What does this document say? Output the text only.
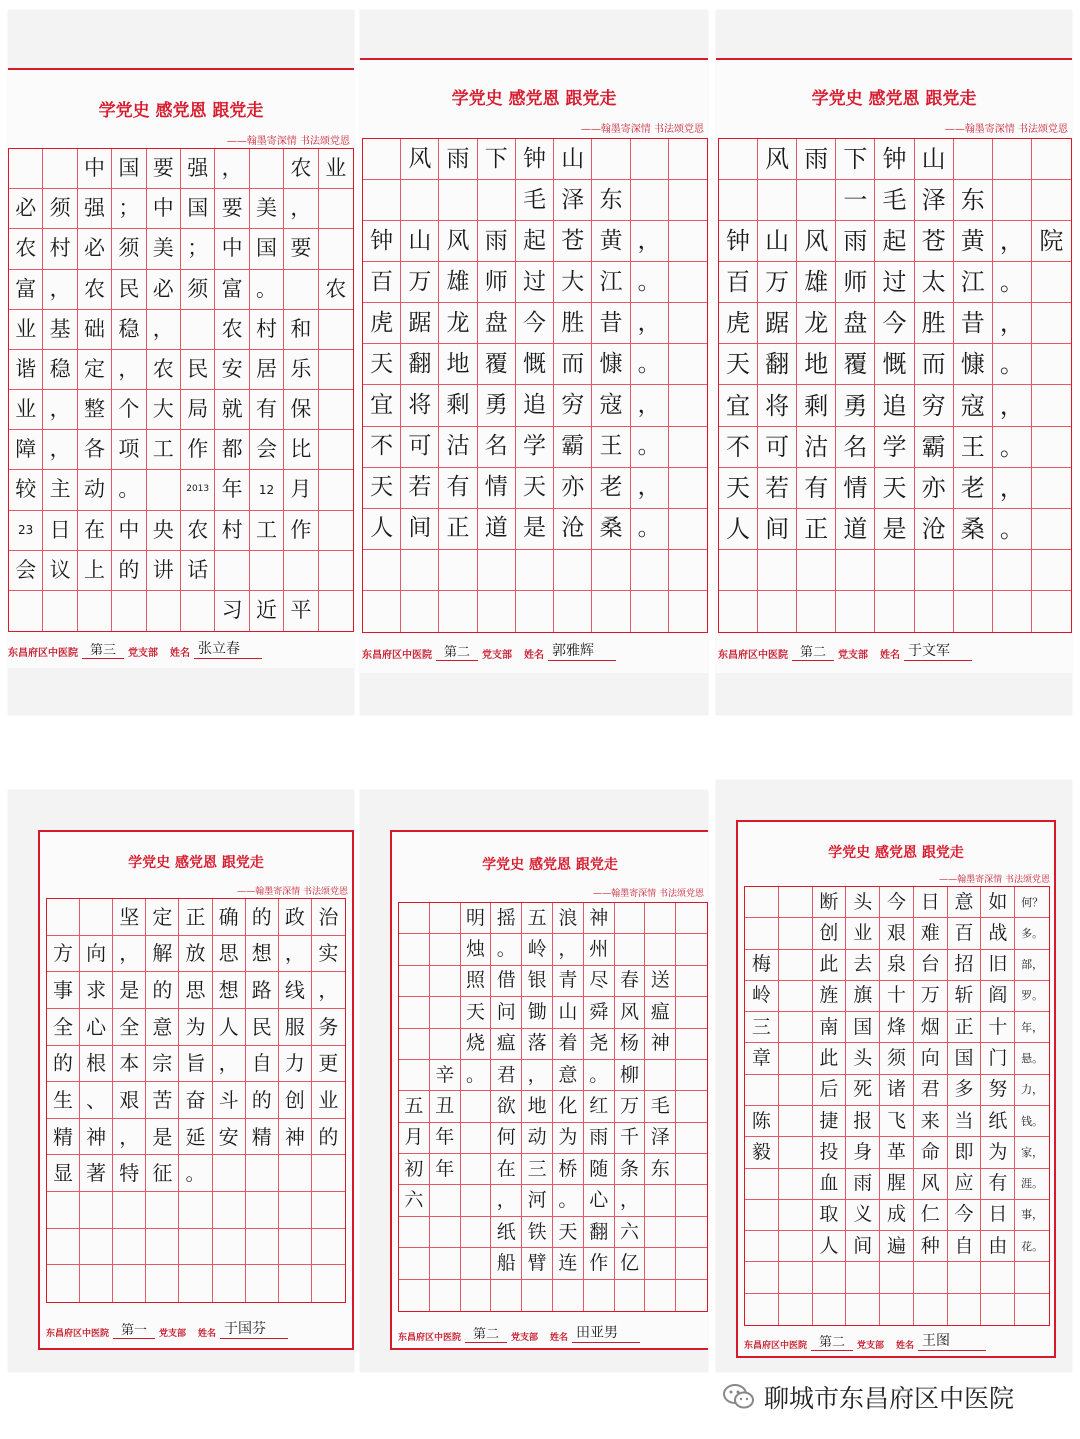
学党史 感党恩 跟党走
——翰墨寄深情 书法颂党恩
中 国 要 强 ，	农 业
必 须 强 ； 中 国 要 美 ，
农 村 必 须 美 ； 中 国 要
富 ， 农 民 必 须 富 。	农
业 基 础 稳 ，	农 村 和
谐 稳 定 ， 农 民 安 居 乐
业 ， 整 个 大 局 就 有 保
障 ， 各 项 工 作 都 会 比
较 主 动 。	2013 年	12 月
23 日 在 中 央 农 村 工 作
会 议 上 的 讲 话
习 近 平
东昌府区中医院 第三	党支部 姓名 张立春
学党史 感党恩 跟党走
——翰墨寄深情 书法颂党恩
风 雨 下 钟 山
毛 泽 东
钟 山 风 雨 起 苍 黄 ，
百 万 雄 师 过 大 江 。
虎 踞 龙 盘 今 胜 昔 ，
天 翻 地 覆 慨 而 慷 。
宜 将 剩 勇 追 穷 寇 ，
不 可 沽 名 学 霸 王 。
天 若 有 情 天 亦 老 ，
人 间 正 道 是 沧 桑 。
东昌府区中医院 第二	党支部 姓名 郭雅辉
学党史 感党恩 跟党走
——翰墨寄深情 书法颂党恩
风 雨 下 钟 山
一 毛 泽 东
钟 山 风 雨 起 苍 黄 ， 院
百 万 雄 师 过 太 江 。
虎 踞 龙 盘 今 胜 昔 ，
天 翻 地 覆 慨 而 慷 。
宜 将 剩 勇 追 穷 寇 ，
不 可 沽 名 学 霸 王 。
天 若 有 情 天 亦 老 ，
人 间 正 道 是 沧 桑 。
东昌府区中医院 第二	党支部 姓名 于文军
学党史 感党恩 跟党走
——翰墨寄深情 书法颂党恩
坚 定 正 确 的 政 治
方 向 ， 解 放 思 想 ， 实
事 求 是 的 思 想 路 线 ，
全 心 全 意 为 人 民 服 务
的 根 本 宗 旨 ， 自 力 更
生 、 艰 苦 奋 斗 的 创 业
精 神 ， 是 延 安 精 神 的
显 著 特 征 。
东昌府区中医院 第一	党支部 姓名 于国芬
学党史 感党恩 跟党走
——翰墨寄深情 书法颂党恩
明 摇 五 浪 神
烛 。 岭 ， 州
照 借 银 青 尽 春 送
天 问 锄 山 舜 风 瘟
烧 瘟 落 着 尧 杨 神
辛 。 君 ， 意 。 柳
五 丑	欲 地 化 红 万 毛
月 年	何 动 为 雨 千 泽
初 年	在 三 桥 随 条 东
六	， 河 。 心 ，
纸 铁 天 翻 六
船 臂 连 作 亿
东昌府区中医院 第二	党支部 姓名 田亚男
学党史 感党恩 跟党走
——翰墨寄深情 书法颂党恩
断 头 今 日 意 如	何？
创 业 艰 难 百 战	多。
梅	此 去 泉 台 招 旧	部，
岭	旌 旗 十 万 斩 阎	罗。
三	南 国 烽 烟 正 十	年，
章	此 头 须 向 国 门	悬。
后 死 诸 君 多 努	力，
陈	捷 报 飞 来 当 纸	钱。
毅	投 身 革 命 即 为	家，
血 雨 腥 风 应 有	涯。
取 义 成 仁 今 日	事，
人 间 遍 种 自 由	花。
东昌府区中医院 第二	党支部 姓名 王图
聊城市东昌府区中医院
